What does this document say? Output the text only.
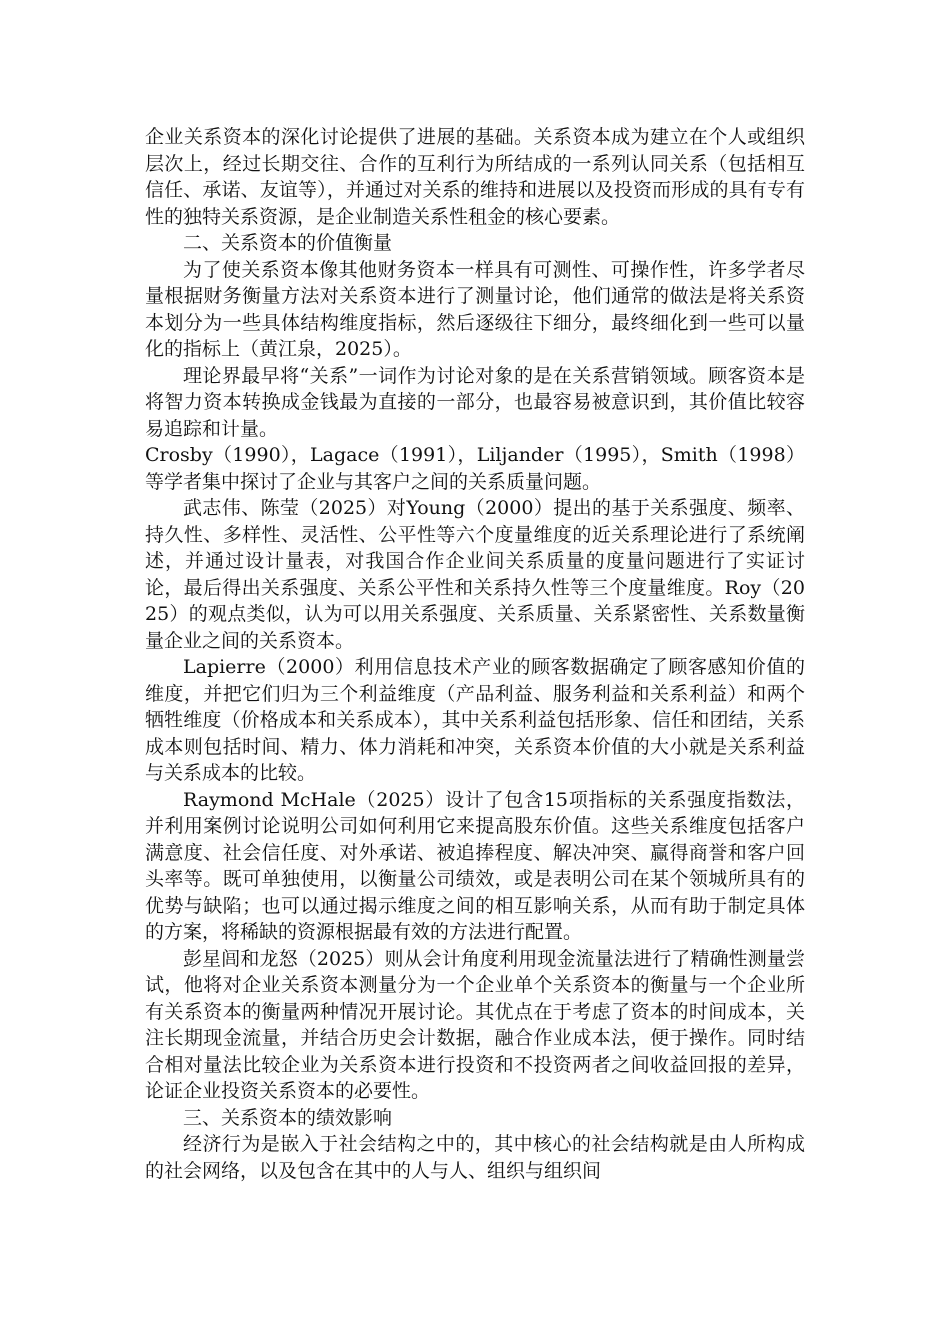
企业关系资本的深化讨论提供了进展的基础。关系资本成为建立在个人或组织层次上，经过长期交往、合作的互利行为所结成的一系列认同关系（包括相互信任、承诺、友谊等），并通过对关系的维持和进展以及投资而形成的具有专有性的独特关系资源，是企业制造关系性租金的核心要素。

二、关系资本的价值衡量

为了使关系资本像其他财务资本一样具有可测性、可操作性，许多学者尽量根据财务衡量方法对关系资本进行了测量讨论，他们通常的做法是将关系资本划分为一些具体结构维度指标，然后逐级往下细分，最终细化到一些可以量化的指标上（黄江泉，2025）。

理论界最早将“关系”一词作为讨论对象的是在关系营销领域。顾客资本是将智力资本转换成金钱最为直接的一部分，也最容易被意识到，其价值比较容易追踪和计量。

Crosby（1990），Lagace（1991），Liljander（1995），Smith（1998）等学者集中探讨了企业与其客户之间的关系质量问题。

武志伟、陈莹（2025）对Young（2000）提出的基于关系强度、频率、持久性、多样性、灵活性、公平性等六个度量维度的近关系理论进行了系统阐述，并通过设计量表，对我国合作企业间关系质量的度量问题进行了实证讨论，最后得出关系强度、关系公平性和关系持久性等三个度量维度。Roy（2025）的观点类似，认为可以用关系强度、关系质量、关系紧密性、关系数量衡量企业之间的关系资本。

Lapierre（2000）利用信息技术产业的顾客数据确定了顾客感知价值的维度，并把它们归为三个利益维度（产品利益、服务利益和关系利益）和两个牺牲维度（价格成本和关系成本），其中关系利益包括形象、信任和团结，关系成本则包括时间、精力、体力消耗和冲突，关系资本价值的大小就是关系利益与关系成本的比较。

Raymond McHale（2025）设计了包含15项指标的关系强度指数法，并利用案例讨论说明公司如何利用它来提高股东价值。这些关系维度包括客户满意度、社会信任度、对外承诺、被追捧程度、解决冲突、赢得商誉和客户回头率等。既可单独使用，以衡量公司绩效，或是表明公司在某个领城所具有的优势与缺陷；也可以通过揭示维度之间的相互影响关系，从而有助于制定具体的方案，将稀缺的资源根据最有效的方法进行配置。

彭星闾和龙怒（2025）则从会计角度利用现金流量法进行了精确性测量尝试，他将对企业关系资本测量分为一个企业单个关系资本的衡量与一个企业所有关系资本的衡量两种情况开展讨论。其优点在于考虑了资本的时间成本，关注长期现金流量，并结合历史会计数据，融合作业成本法，便于操作。同时结合相对量法比较企业为关系资本进行投资和不投资两者之间收益回报的差异，论证企业投资关系资本的必要性。

三、关系资本的绩效影响

经济行为是嵌入于社会结构之中的，其中核心的社会结构就是由人所构成的社会网络，以及包含在其中的人与人、组织与组织间
